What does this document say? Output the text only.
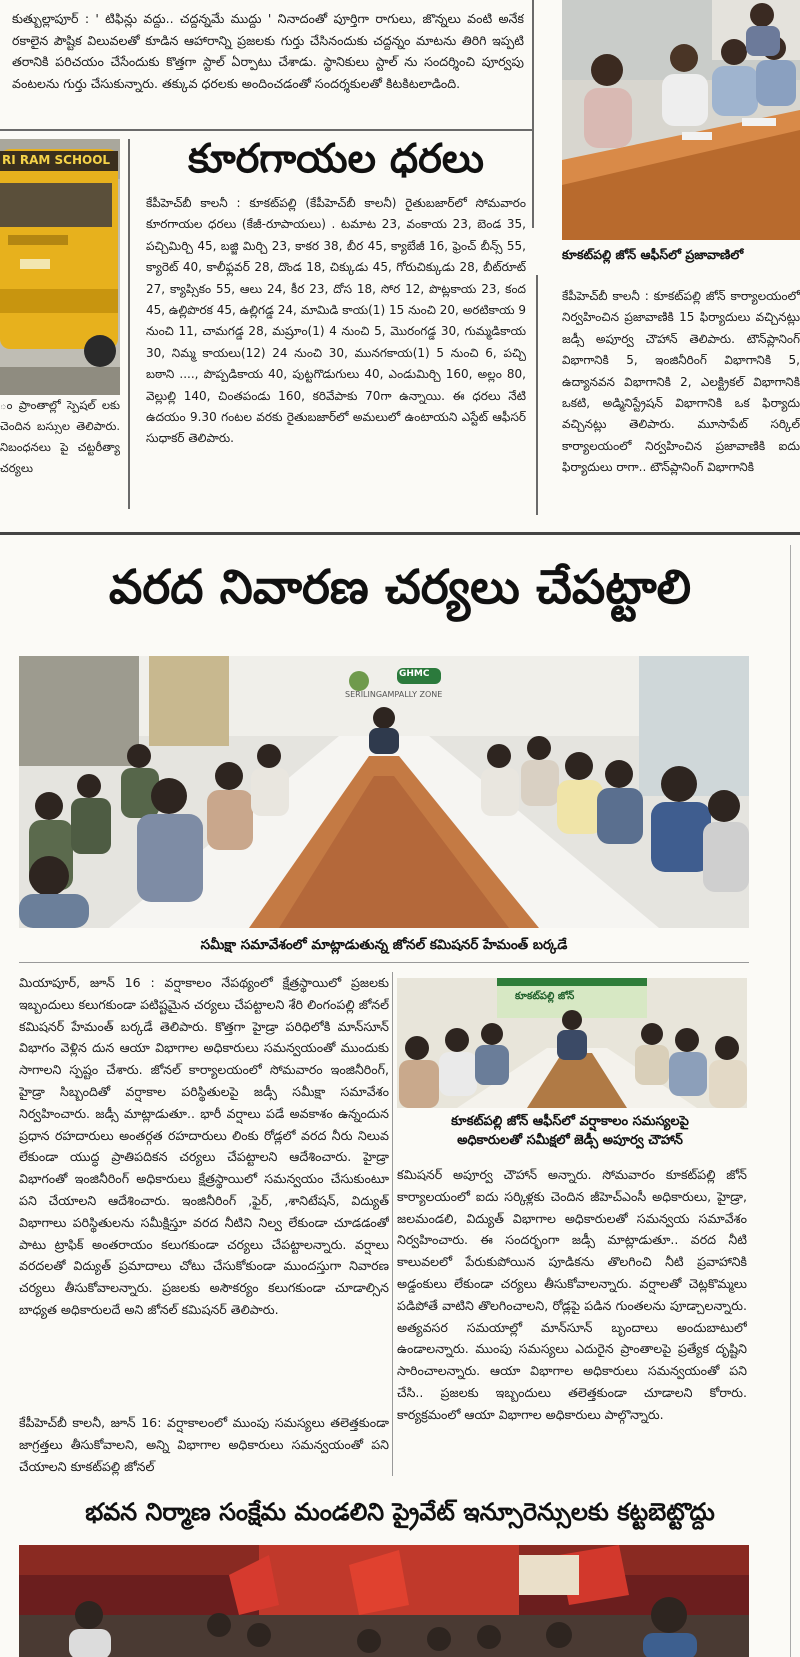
కుత్బుల్లాపూర్ : ' టిఫిన్లు వద్దు.. చద్దన్నమే ముద్దు ' నినాదంతో పూర్తిగా రాగులు, జొన్నలు వంటి అనేక రకాలైన పౌష్టిక విలువలతో కూడిన ఆహారాన్ని ప్రజలకు గుర్తు చేసినందుకు చద్దన్నం మాటను తిరిగి ఇప్పటి తరానికి పరిచయం చేసేందుకు కొత్తగా స్టాల్ ఏర్పాటు చేశాడు. స్థానికులు స్టాల్ ను సందర్శించి పూర్వపు వంటలను గుర్తు చేసుకున్నారు. తక్కువ ధరలకు అందించడంతో సందర్శకులతో కిటకిటలాడింది.
కూకట్‌పల్లి జోన్ ఆఫీస్‌లో ప్రజావాణిలో
RI RAM SCHOOL
ం ప్రాంతాల్లో స్పెషల్ లకు చెందిన బస్సుల తెలిపారు. నిబంధనలు పై చట్టరీత్యా చర్యలు
కూరగాయల ధరలు
కేపీహెచ్‌బీ కాలనీ : కూకట్‌పల్లి (కేపీహెచ్‌బీ కాలనీ) రైతుబజార్‌లో సోమవారం కూరగాయల ధరలు (కేజీ-రూపాయలు) . టమాట 23, వంకాయ 23, బెండ 35, పచ్చిమిర్చి 45, బజ్జి మిర్చి 23, కాకర 38, బీర 45, క్యాబేజీ 16, ఫ్రెంచ్ బీన్స్ 55, క్యారెట్ 40, కాలీఫ్లవర్ 28, దొండ 18, చిక్కుడు 45, గోరుచిక్కుడు 28, బీట్‌రూట్ 27, క్యాప్సికం 55, ఆలు 24, కీర 23, దోస 18, సోర 12, పొట్లకాయ 23, కంద 45, ఉల్లిపొరక 45, ఉల్లిగడ్డ 24, మామిడి కాయ(1) 15 నుంచి 20, అరటికాయ 9 నుంచి 11, చామగడ్డ 28, మష్రూం(1) 4 నుంచి 5, మొరంగడ్డ 30, గుమ్మడికాయ 30, నిమ్మ కాయలు(12) 24 నుంచి 30, మునగకాయ(1) 5 నుంచి 6, పచ్చి బఠాని ...., పొప్పడికాయ 40, పుట్టగొడుగులు 40, ఎండుమిర్చి 160, అల్లం 80, వెల్లుల్లి 140, చింతపండు 160, కరివేపాకు 70గా ఉన్నాయి. ఈ ధరలు నేటి ఉదయం 9.30 గంటల వరకు రైతుబజార్‌లో అమలులో ఉంటాయని ఎస్టేట్ ఆఫీసర్ సుధాకర్ తెలిపారు.
కేపీహెచ్‌బీ కాలనీ : కూకట్‌పల్లి జోన్ కార్యాలయంలో నిర్వహించిన ప్రజావాణికి 15 ఫిర్యాదులు వచ్చినట్లు జడ్సీ అపూర్వ చౌహాన్ తెలిపారు. టౌన్‌ప్లానింగ్ విభాగానికి 5, ఇంజినీరింగ్ విభాగానికి 5, ఉద్యానవన విభాగానికి 2, ఎలక్ట్రికల్ విభాగానికి ఒకటి, అడ్మినిస్ట్రేషన్ విభాగానికి ఒక ఫిర్యాదు వచ్చినట్లు తెలిపారు. మూసాపేట్ సర్కిల్ కార్యాలయంలో నిర్వహించిన ప్రజావాణికి ఐదు ఫిర్యాదులు రాగా.. టౌన్‌ప్లానింగ్ విభాగానికి
వరద నివారణ చర్యలు చేపట్టాలి
GHMC
SERILINGAMPALLY ZONE
సమీక్షా సమావేశంలో మాట్లాడుతున్న జోనల్ కమిషనర్ హేమంత్ బర్కడే
మియాపూర్, జూన్ 16 : వర్షాకాలం నేపథ్యంలో క్షేత్రస్థాయిలో ప్రజలకు ఇబ్బందులు కలుగకుండా పటిష్టమైన చర్యలు చేపట్టాలని శేరి లింగంపల్లి జోనల్ కమిషనర్ హేమంత్ బర్కడే తెలిపారు. కొత్తగా హైడ్రా పరిధిలోకి మాన్‌సూన్ విభాగం వెళ్లిన దున ఆయా విభాగాల అధికారులు సమన్వయంతో ముందుకు సాగాలని స్పష్టం చేశారు. జోనల్ కార్యాలయంలో సోమవారం ఇంజినీరింగ్, హైడ్రా సిబ్బందితో వర్షాకాల పరిస్థితులపై జడ్సీ సమీక్షా సమావేశం నిర్వహించారు. జడ్సీ మాట్లాడుతూ.. భారీ వర్షాలు పడే అవకాశం ఉన్నందున ప్రధాన రహదారులు అంతర్గత రహదారులు లింకు రోడ్లలో వరద నీరు నిలువ లేకుండా యుద్ధ ప్రాతిపదికన చర్యలు చేపట్టాలని ఆదేశించారు. హైడ్రా విభాగంతో ఇంజినీరింగ్ అధికారులు క్షేత్రస్థాయిలో సమన్వయం చేసుకుంటూ పని చేయాలని ఆదేశించారు. ఇంజినీరింగ్ ,ఫైర్, ,శానిటేషన్, విద్యుత్ విభాగాలు పరిస్థితులను సమీక్షిస్తూ వరద నీటిని నిల్వ లేకుండా చూడడంతో పాటు ట్రాఫిక్ అంతరాయం కలుగకుండా చర్యలు చేపట్టాలన్నారు. వర్షాలు వరదలతో విద్యుత్ ప్రమాదాలు చోటు చేసుకోకుండా ముందస్తుగా నివారణ చర్యలు తీసుకోవాలన్నారు. ప్రజలకు అసౌకర్యం కలుగకుండా చూడాల్సిన బాధ్యత అధికారులదే అని జోనల్ కమిషనర్ తెలిపారు.
కేపీహెచ్‌బీ కాలనీ, జూన్ 16: వర్షాకాలంలో ముంపు సమస్యలు తలెత్తకుండా జాగ్రత్తలు తీసుకోవాలని, అన్ని విభాగాల అధికారులు సమన్వయంతో పని చేయాలని కూకట్‌పల్లి జోనల్
కూకట్‌పల్లి జోన్
కూకట్‌పల్లి జోన్ ఆఫీస్‌లో వర్షాకాలం సమస్యలపై అధికారులతో సమీక్షలో జెడ్సీ అపూర్వ చౌహాన్
కమిషనర్ అపూర్వ చౌహాన్ అన్నారు. సోమవారం కూకట్‌పల్లి జోన్ కార్యాలయంలో ఐదు సర్కిళ్లకు చెందిన జీహెచ్‌ఎంసీ అధికారులు, హైడ్రా, జలమండలి, విద్యుత్ విభాగాల అధికారులతో సమన్వయ సమావేశం నిర్వహించారు. ఈ సందర్భంగా జడ్సీ మాట్లాడుతూ.. వరద నీటి కాలువలలో పేరుకుపోయిన పూడికను తొలగించి నీటి ప్రవాహానికి అడ్డంకులు లేకుండా చర్యలు తీసుకోవాలన్నారు. వర్షాలతో చెట్లకొమ్మలు పడిపోతే వాటిని తొలగించాలని, రోడ్లపై పడిన గుంతలను పూడ్చాలన్నారు. అత్యవసర సమయాల్లో మాన్‌సూన్ బృందాలు అందుబాటులో ఉండాలన్నారు. ముంపు సమస్యలు ఎదురైన ప్రాంతాలపై ప్రత్యేక దృష్టిని సారించాలన్నారు. ఆయా విభాగాల అధికారులు సమన్వయంతో పని చేసి.. ప్రజలకు ఇబ్బందులు తలెత్తకుండా చూడాలని కోరారు. కార్యక్రమంలో ఆయా విభాగాల అధికారులు పాల్గొన్నారు.
భవన నిర్మాణ సంక్షేమ మండలిని ప్రైవేట్ ఇన్సూరెన్సులకు కట్టబెట్టొద్దు
